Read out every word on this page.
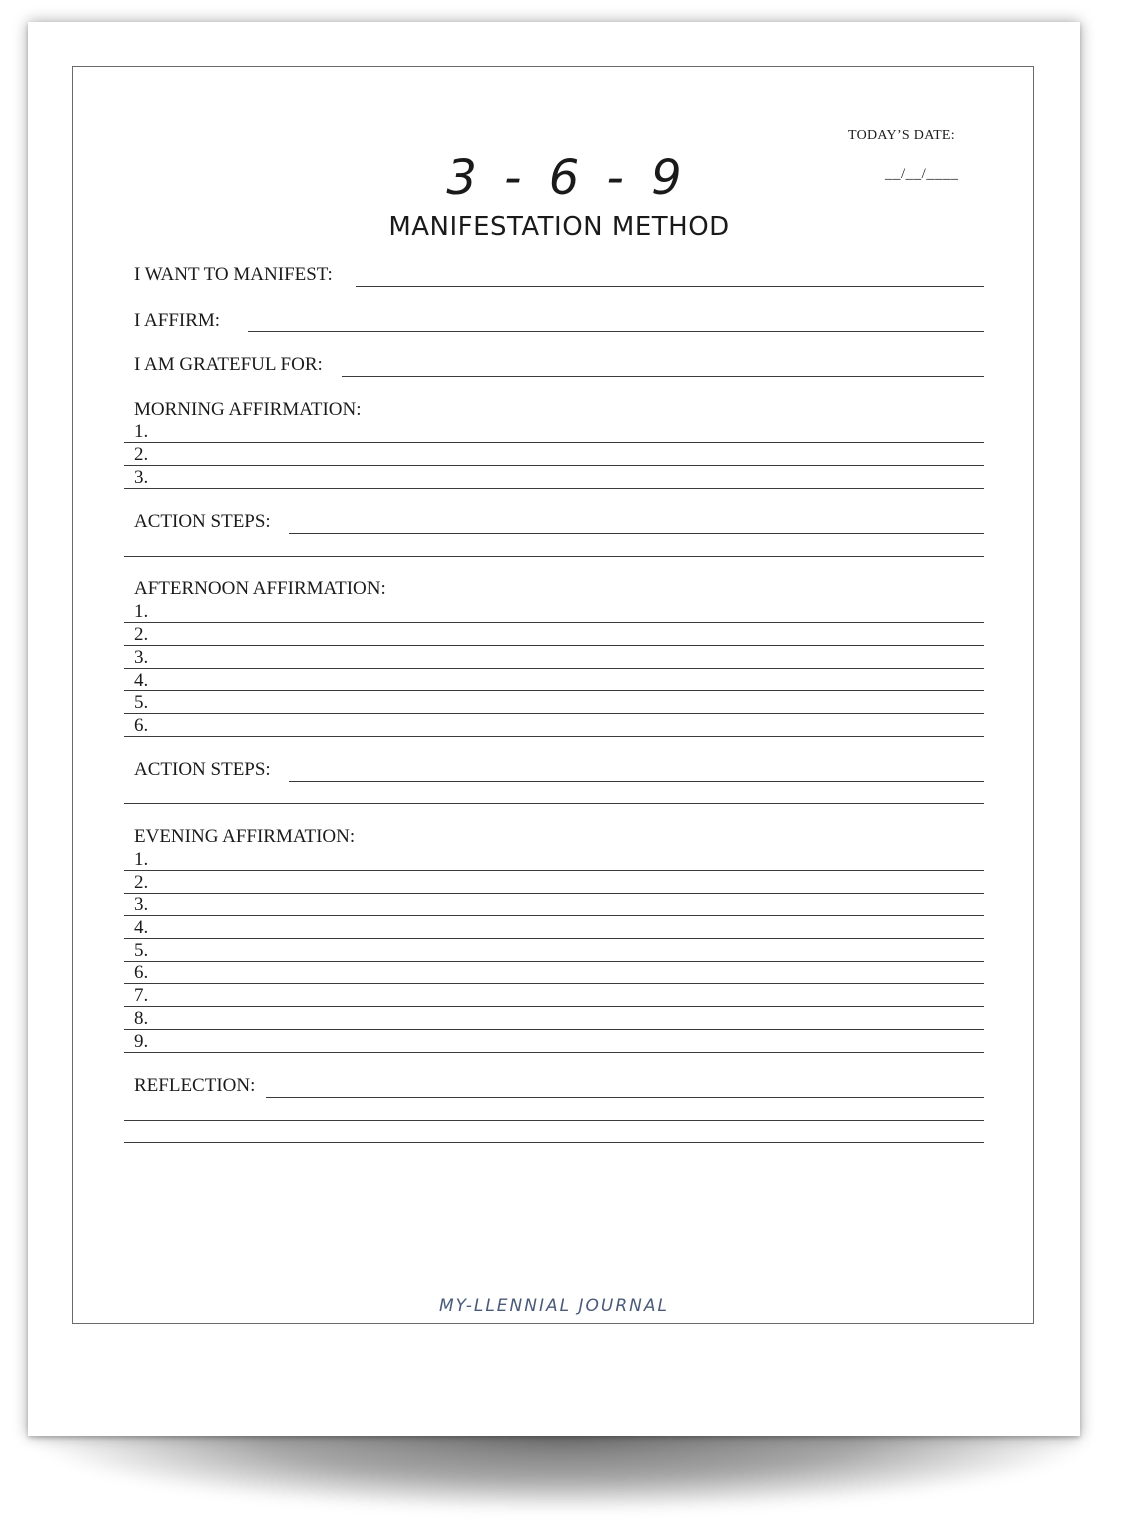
TODAY’S DATE:
__/__/____
3 - 6 - 9
MANIFESTATION METHOD
I WANT TO MANIFEST:
I AFFIRM:
I AM GRATEFUL FOR:
MORNING AFFIRMATION:
1.
2.
3.
ACTION STEPS:
AFTERNOON AFFIRMATION:
1.
2.
3.
4.
5.
6.
ACTION STEPS:
EVENING AFFIRMATION:
1.
2.
3.
4.
5.
6.
7.
8.
9.
REFLECTION:
MY-LLENNIAL JOURNAL
